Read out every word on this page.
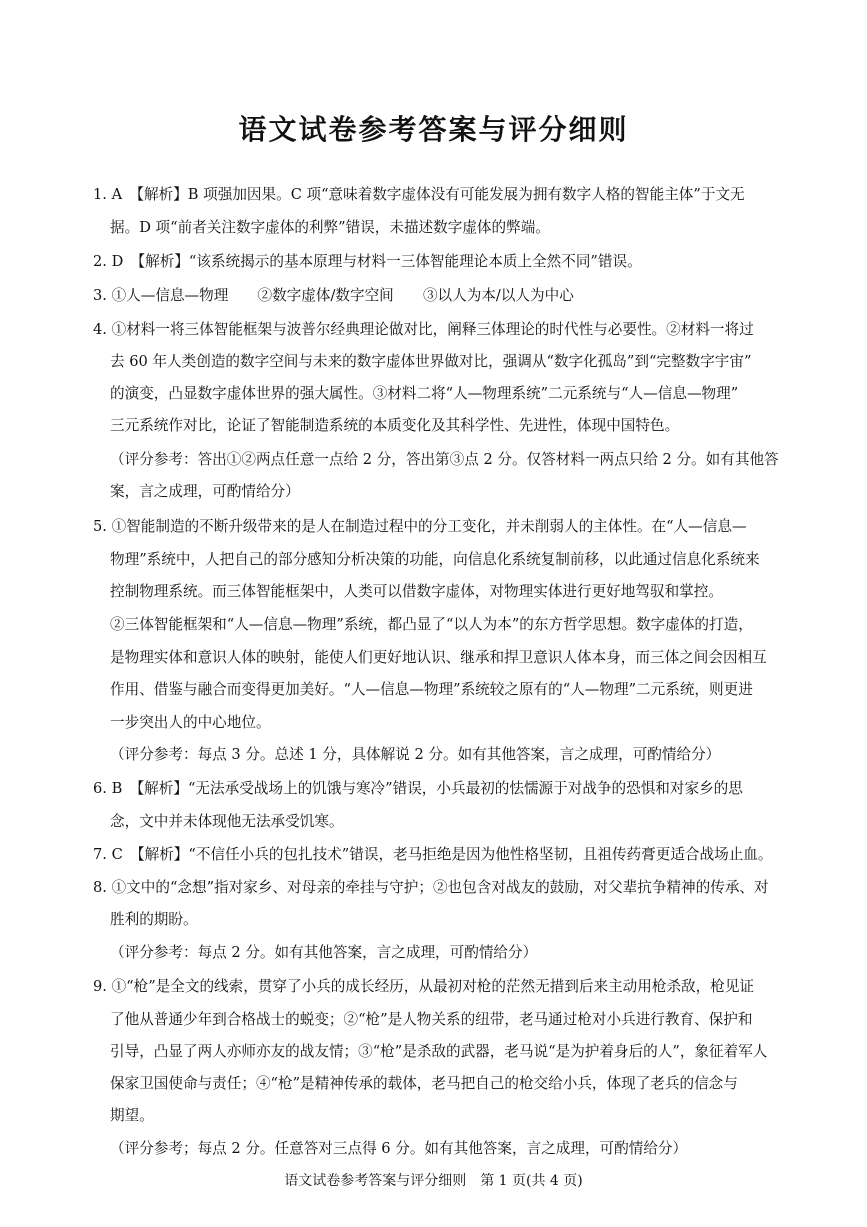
语文试卷参考答案与评分细则
1. A　【解析】B 项强加因果。C 项“意味着数字虚体没有可能发展为拥有数字人格的智能主体”于文无
据。D 项“前者关注数字虚体的利弊”错误，未描述数字虚体的弊端。
2. D　【解析】“该系统揭示的基本原理与材料一三体智能理论本质上全然不同”错误。
3. ①人—信息—物理　　②数字虚体/数字空间　　③以人为本/以人为中心
4. ①材料一将三体智能框架与波普尔经典理论做对比，阐释三体理论的时代性与必要性。②材料一将过
去 60 年人类创造的数字空间与未来的数字虚体世界做对比，强调从“数字化孤岛”到“完整数字宇宙”
的演变，凸显数字虚体世界的强大属性。③材料二将“人—物理系统”二元系统与“人—信息—物理”
三元系统作对比，论证了智能制造系统的本质变化及其科学性、先进性，体现中国特色。
（评分参考：答出①②两点任意一点给 2 分，答出第③点 2 分。仅答材料一两点只给 2 分。如有其他答
案，言之成理，可酌情给分）
5. ①智能制造的不断升级带来的是人在制造过程中的分工变化，并未削弱人的主体性。在“人—信息—
物理”系统中，人把自己的部分感知分析决策的功能，向信息化系统复制前移，以此通过信息化系统来
控制物理系统。而三体智能框架中，人类可以借数字虚体，对物理实体进行更好地驾驭和掌控。
②三体智能框架和“人—信息—物理”系统，都凸显了“以人为本”的东方哲学思想。数字虚体的打造，
是物理实体和意识人体的映射，能使人们更好地认识、继承和捍卫意识人体本身，而三体之间会因相互
作用、借鉴与融合而变得更加美好。“人—信息—物理”系统较之原有的“人—物理”二元系统，则更进
一步突出人的中心地位。
（评分参考：每点 3 分。总述 1 分，具体解说 2 分。如有其他答案，言之成理，可酌情给分）
6. B　【解析】“无法承受战场上的饥饿与寒冷”错误，小兵最初的怯懦源于对战争的恐惧和对家乡的思
念，文中并未体现他无法承受饥寒。
7. C　【解析】“不信任小兵的包扎技术”错误，老马拒绝是因为他性格坚韧，且祖传药膏更适合战场止血。
8. ①文中的“念想”指对家乡、对母亲的牵挂与守护；②也包含对战友的鼓励，对父辈抗争精神的传承、对
胜利的期盼。
（评分参考：每点 2 分。如有其他答案，言之成理，可酌情给分）
9. ①“枪”是全文的线索，贯穿了小兵的成长经历，从最初对枪的茫然无措到后来主动用枪杀敌，枪见证
了他从普通少年到合格战士的蜕变；②“枪”是人物关系的纽带，老马通过枪对小兵进行教育、保护和
引导，凸显了两人亦师亦友的战友情；③“枪”是杀敌的武器，老马说“是为护着身后的人”，象征着军人
保家卫国使命与责任；④“枪”是精神传承的载体，老马把自己的枪交给小兵，体现了老兵的信念与
期望。
（评分参考；每点 2 分。任意答对三点得 6 分。如有其他答案，言之成理，可酌情给分）
语文试卷参考答案与评分细则　第 1 页(共 4 页)
